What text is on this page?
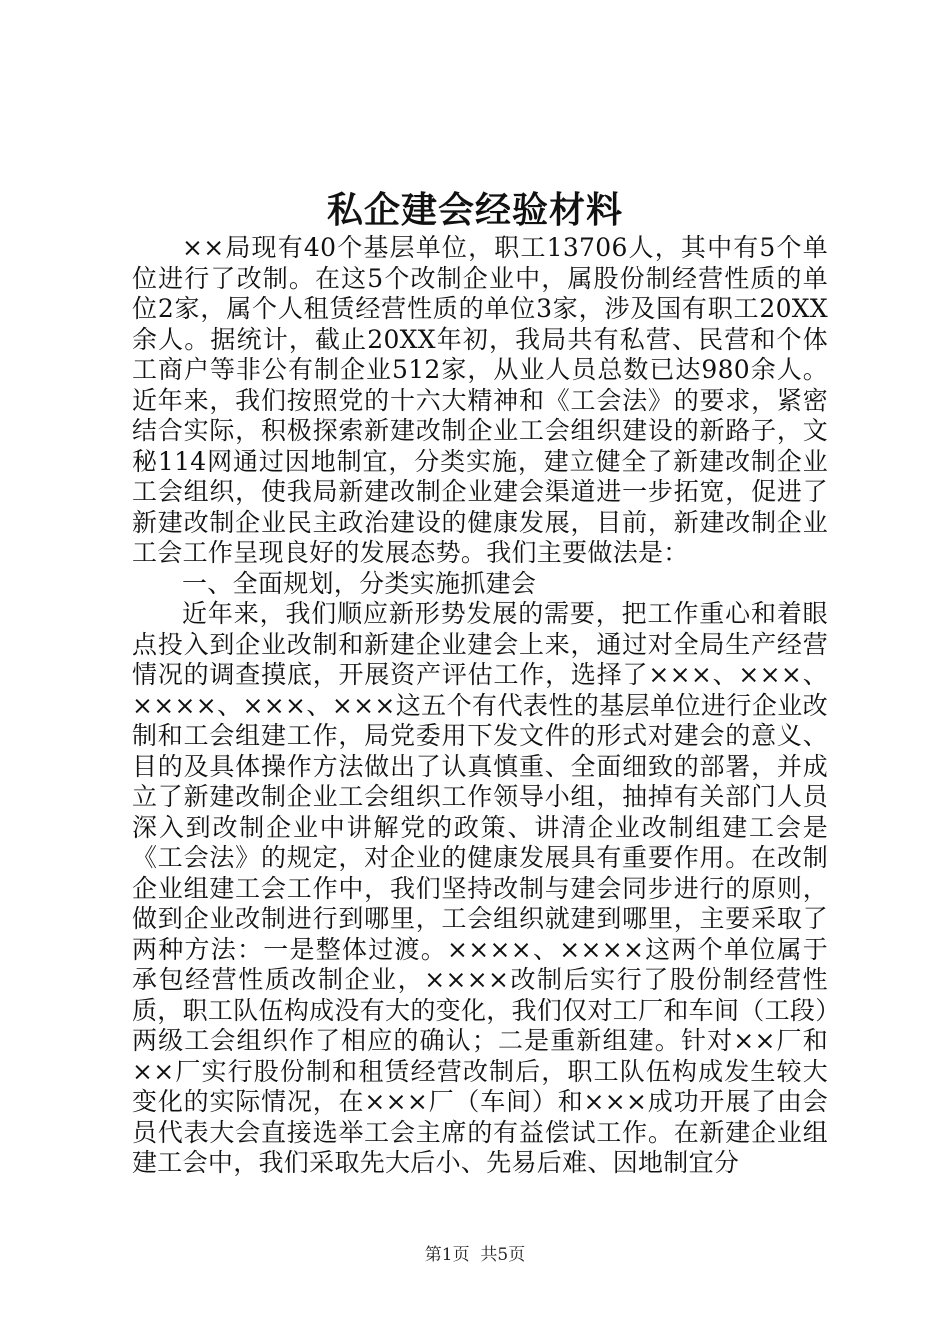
私企建会经验材料

××局现有40个基层单位，职工13706人，其中有5个单位进行了改制。在这5个改制企业中，属股份制经营性质的单位2家，属个人租赁经营性质的单位3家，涉及国有职工20XX余人。据统计，截止20XX年初，我局共有私营、民营和个体工商户等非公有制企业512家，从业人员总数已达980余人。近年来，我们按照党的十六大精神和《工会法》的要求，紧密结合实际，积极探索新建改制企业工会组织建设的新路子，文秘114网通过因地制宜，分类实施，建立健全了新建改制企业工会组织，使我局新建改制企业建会渠道进一步拓宽，促进了新建改制企业民主政治建设的健康发展，目前，新建改制企业工会工作呈现良好的发展态势。我们主要做法是：

一、全面规划，分类实施抓建会

近年来，我们顺应新形势发展的需要，把工作重心和着眼点投入到企业改制和新建企业建会上来，通过对全局生产经营情况的调查摸底，开展资产评估工作，选择了×××、×××、××××、×××、×××这五个有代表性的基层单位进行企业改制和工会组建工作，局党委用下发文件的形式对建会的意义、目的及具体操作方法做出了认真慎重、全面细致的部署，并成立了新建改制企业工会组织工作领导小组，抽掉有关部门人员深入到改制企业中讲解党的政策、讲清企业改制组建工会是《工会法》的规定，对企业的健康发展具有重要作用。在改制企业组建工会工作中，我们坚持改制与建会同步进行的原则，做到企业改制进行到哪里，工会组织就建到哪里，主要采取了两种方法：一是整体过渡。××××、××××这两个单位属于承包经营性质改制企业，××××改制后实行了股份制经营性质，职工队伍构成没有大的变化，我们仅对工厂和车间（工段）两级工会组织作了相应的确认；二是重新组建。针对××厂和××厂实行股份制和租赁经营改制后，职工队伍构成发生较大变化的实际情况，在×××厂（车间）和×××成功开展了由会员代表大会直接选举工会主席的有益偿试工作。在新建企业组建工会中，我们采取先大后小、先易后难、因地制宜分

第1页 共5页
